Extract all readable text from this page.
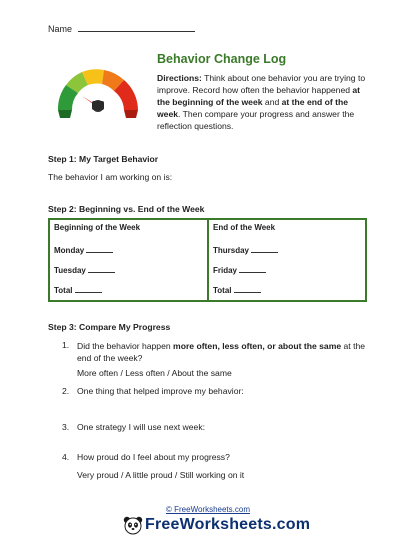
Name
Behavior Change Log
Directions: Think about one behavior you are trying to improve. Record how often the behavior happened at the beginning of the week and at the end of the week. Then compare your progress and answer the reflection questions.
Step 1: My Target Behavior
The behavior I am working on is:
Step 2: Beginning vs. End of the Week
Beginning of the Week
Monday
Tuesday
Total
End of the Week
Thursday
Friday
Total
Step 3: Compare My Progress
1. Did the behavior happen more often, less often, or about the same at the end of the week?
More often / Less often / About the same
2. One thing that helped improve my behavior:
3. One strategy I will use next week:
4. How proud do I feel about my progress?
Very proud / A little proud / Still working on it
© FreeWorksheets.com
FreeWorksheets.com
